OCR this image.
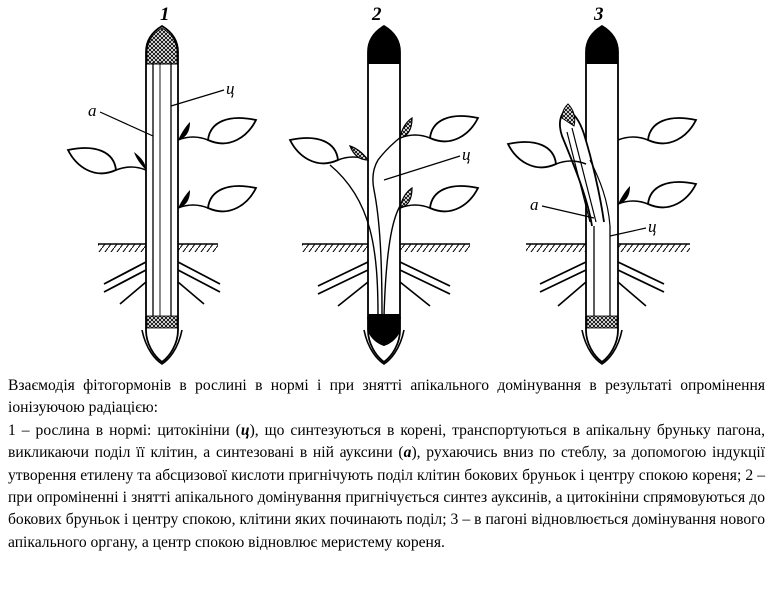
1
а
ц
2
ц
3
а
ц

Взаємодія фітогормонів в рослині в нормі і при знятті апікального домінування в результаті опромінення іонізуючою радіацією:

1 – рослина в нормі: цитокініни (ц), що синтезуються в корені, транспортуються в апікальну бруньку пагона, викликаючи поділ її клітин, а синтезовані в ній ауксини (а), рухаючись вниз по стеблу, за допомогою індукції утворення етилену та абсцизової кислоти пригнічують поділ клітин бокових бруньок і центру спокою кореня; 2 – при опроміненні і знятті апікального домінування пригнічується синтез ауксинів, а цитокініни спрямовуються до бокових бруньок і центру спокою, клітини яких починають поділ; 3 – в пагоні відновлюється домінування нового апікального органу, а центр спокою відновлює меристему кореня.
